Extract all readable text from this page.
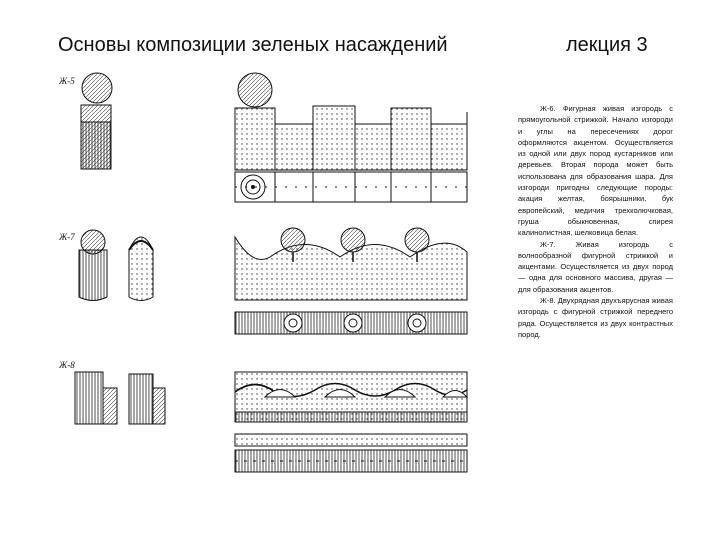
Основы композиции зеленых насаждений	лекция 3
Ж-5
Ж-7
Ж-8

Ж-6. Фигурная живая изгородь с прямоугольной стрижкой. Начало изгороди и углы на пересечениях дорог оформляются акцентом. Осуществляется из одной или двух пород кустарников или деревьев. Вторая порода может быть использована для образования шара. Для изгороди пригодны следующие породы: акация желтая, боярышники, бук европейский, медичия трехколючковая, груша обыкновенная, спирея калинолистная, шелковица белая.

Ж-7. Живая изгородь с волнообразной фигурной стрижкой и акцентами. Осуществляется из двух пород — одна для основного массива, другая — для образования акцентов.

Ж-8. Двухрядная двухъярусная живая изгородь с фигурной стрижкой переднего ряда. Осуществляется из двух контрастных пород.
